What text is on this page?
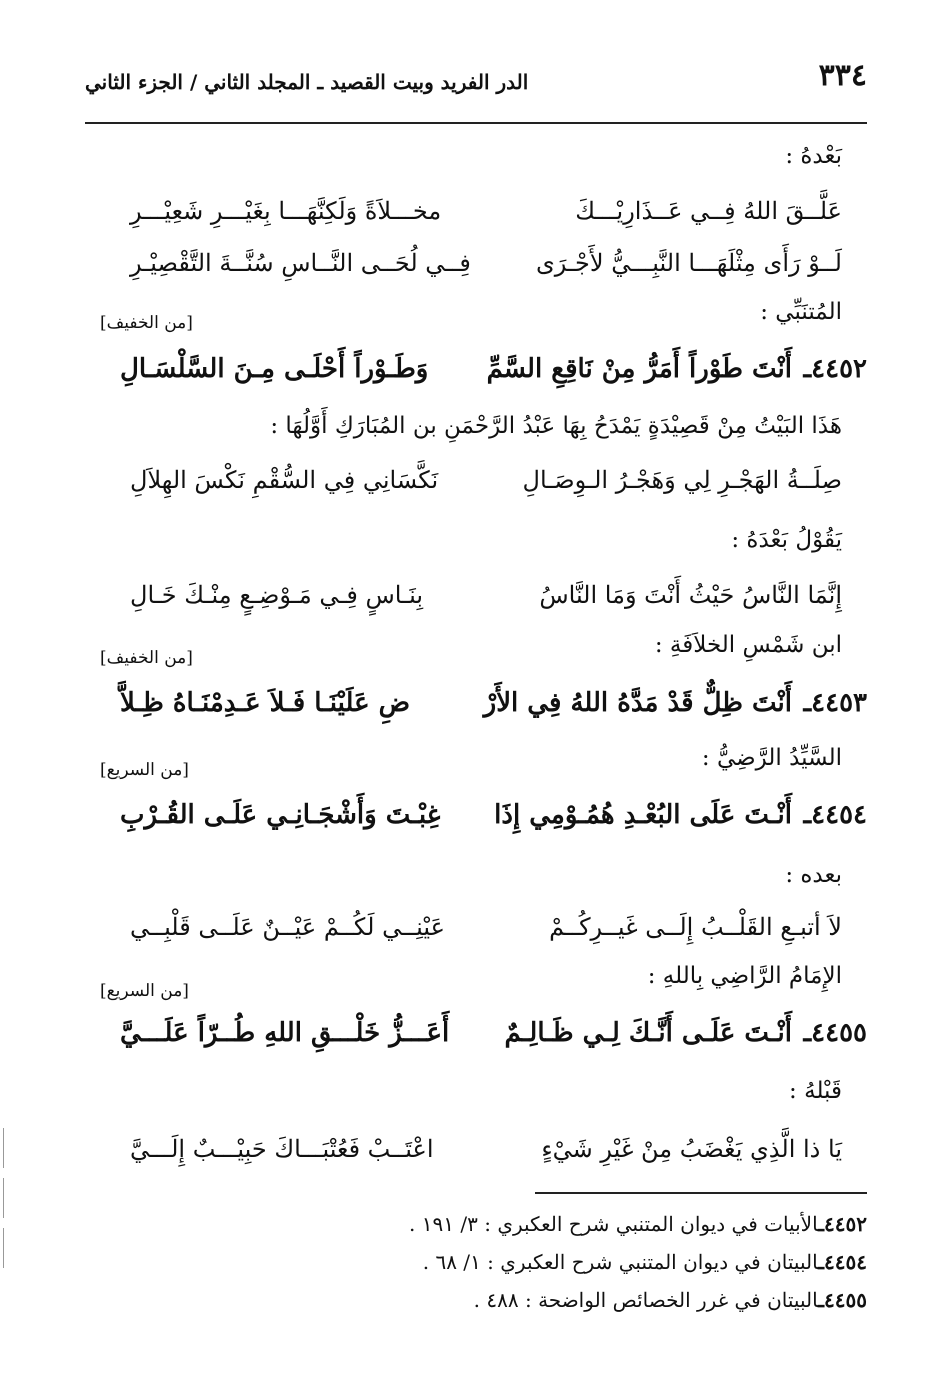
٣٣٤
الدر الفريد وبيت القصيد ـ المجلد الثاني / الجزء الثاني
بَعْدهُ :
عَلَّــقَ اللهُ فِــي عَــذَارِيْـــكَ
مخـــلاَةً وَلَكِنَّهَـــا بِغَيْـــرِ شَعِيْـــرِ
لَــوْ رَأَى مِثْلَهَـــا النَّبِـــيُّ لأَجْـرَى
فِــي لُحَــى النَّــاسِ سُنَّــةَ التَّقْصِيْـرِ
المُتنَبِّي :
[من الخفيف]
٤٤٥٢ـ
أَنْتَ طَوْراً أَمَرُّ مِنْ نَاقِعِ السَّمِّ
وَطَـوْراً أَحْلَـى مِـنَ السَّلْسَـالِ
هَذَا البَيْتُ مِنْ قَصِيْدَةٍ يَمْدَحُ بِهَا عَبْدُ الرَّحْمَنِ بن المُبَارَكِ أَوَّلُهَا :
صِلَــةُ الهَجْـرِ لِي وَهَجْـرُ الـوِصَـالِ
نَكَّسَانِي فِي السُّقْمِ نَكْسَ الهِلاَلِ
يَقُوْلُ بَعْدَهُ :
إِنَّمَا النَّاسُ حَيْثُ أَنْتَ وَمَا النَّاسُ
بِنَـاسٍ فِـي مَـوْضِـعٍ مِنْـكَ خَـالِ
ابن شَمْسِ الخلاَفَةِ :
[من الخفيف]
٤٤٥٣ـ
أَنْتَ ظِلٌّ قَدْ مَدَّهُ اللهُ فِي الأَرْ
ضِ عَلَيْنَـا فَـلاَ عَـدِمْنَـاهُ ظِـلاَّ
السَّيِّدُ الرَّضِيُّ :
[من السريع]
٤٤٥٤ـ
أَنْـتَ عَلَى البُعْـدِ هُمُـوْمِي إِذَا
غِبْـتَ وَأَشْجَـانِـي عَلَـى القُـرْبِ
بعده :
لاَ أتبـعِ القَلْــبُ إِلَــى غَيــرِكُــمْ
عَيْنِــي لَكُــمْ عَيْــنٌ عَلَــى قَلْبِــي
الإِمَامُ الرَّاضِي بِاللهِ :
[من السريع]
٤٤٥٥ـ
أَنْـتَ عَلَـى أَنَّـكَ لِـي ظَـالِـمٌ
أَعَـــزُّ خَلْـــقِ اللهِ طُــرّاً عَلَـــيَّ
قَبْلهُ :
يَا ذا الَّذِي يَغْضَبُ مِنْ غَيْرِ شَيْءٍ
اعْتَــبْ فَعُتْبَـــاكَ حَبِيْـــبٌ إِلَـــيَّ
٤٤٥٢ـالأبيات في ديوان المتنبي شرح العكبري : ٣/ ١٩١ .
٤٤٥٤ـالبيتان في ديوان المتنبي شرح العكبري : ١/ ٦٨ .
٤٤٥٥ـالبيتان في غرر الخصائص الواضحة : ٤٨٨ .
